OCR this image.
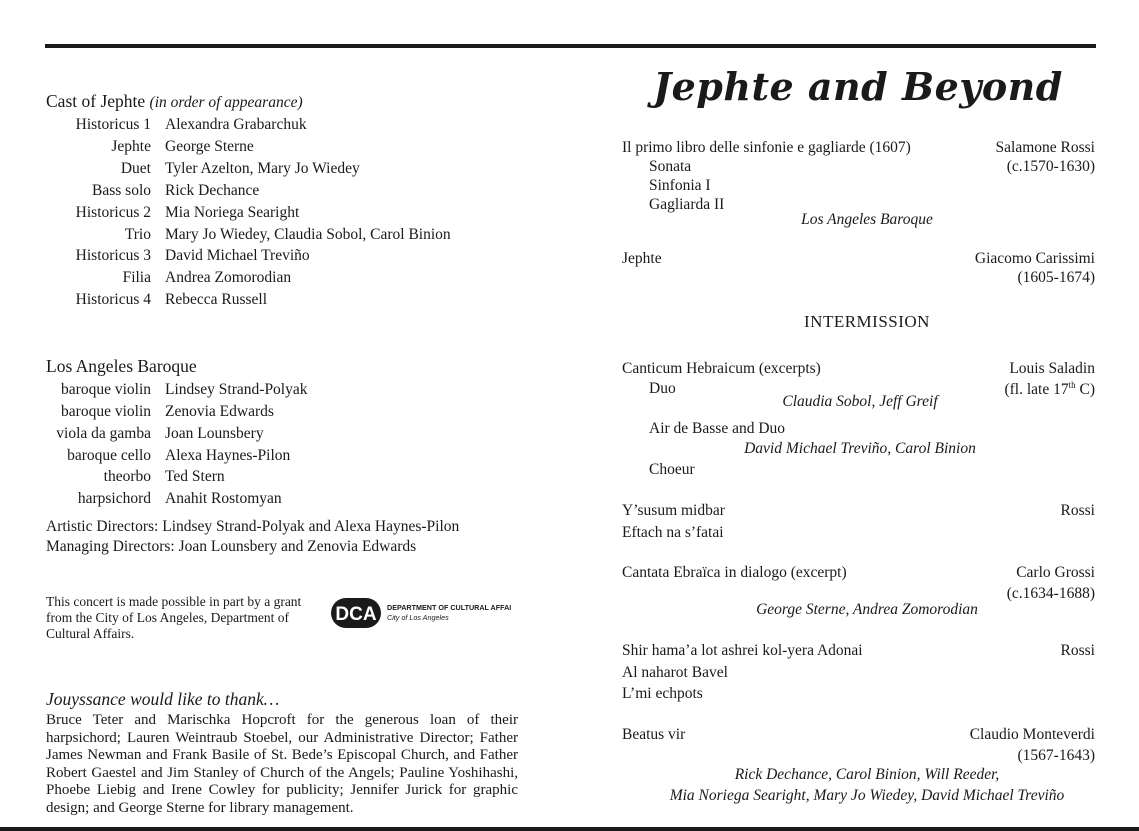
Cast of Jephte (in order of appearance)
Historicus 1 Alexandra Grabarchuk
Jephte George Sterne
Duet Tyler Azelton, Mary Jo Wiedey
Bass solo Rick Dechance
Historicus 2 Mia Noriega Searight
Trio Mary Jo Wiedey, Claudia Sobol, Carol Binion
Historicus 3 David Michael Treviño
Filia Andrea Zomorodian
Historicus 4 Rebecca Russell
Los Angeles Baroque
baroque violin Lindsey Strand-Polyak
baroque violin Zenovia Edwards
viola da gamba Joan Lounsbery
baroque cello Alexa Haynes-Pilon
theorbo Ted Stern
harpsichord Anahit Rostomyan
Artistic Directors: Lindsey Strand-Polyak and Alexa Haynes-Pilon
Managing Directors: Joan Lounsbery and Zenovia Edwards
This concert is made possible in part by a grant
from the City of Los Angeles, Department of
Cultural Affairs.
DCA DEPARTMENT OF CULTURAL AFFAIRS
City of Los Angeles
Jouyssance would like to thank…
Bruce Teter and Marischka Hopcroft for the generous loan of their harpsichord; Lauren Weintraub Stoebel, our Administrative Director; Father James Newman and Frank Basile of St. Bede’s Episcopal Church, and Father Robert Gaestel and Jim Stanley of Church of the Angels; Pauline Yoshihashi, Phoebe Liebig and Irene Cowley for publicity; Jennifer Jurick for graphic design; and George Sterne for library management.
Jephte and Beyond
Il primo libro delle sinfonie e gagliarde (1607)	Salamone Rossi
(c.1570-1630)
Sonata
Sinfonia I
Gagliarda II
Los Angeles Baroque
Jephte	Giacomo Carissimi
(1605-1674)
INTERMISSION
Canticum Hebraicum (excerpts)	Louis Saladin
(fl. late 17th C)
Duo
Claudia Sobol, Jeff Greif
Air de Basse and Duo
David Michael Treviño, Carol Binion
Choeur
Y’susum midbar	Rossi
Eftach na s’fatai
Cantata Ebraïca in dialogo (excerpt)	Carlo Grossi
(c.1634-1688)
George Sterne, Andrea Zomorodian
Shir hama’a lot ashrei kol-yera Adonai	Rossi
Al naharot Bavel
L’mi echpots
Beatus vir	Claudio Monteverdi
(1567-1643)
Rick Dechance, Carol Binion, Will Reeder,
Mia Noriega Searight, Mary Jo Wiedey, David Michael Treviño
